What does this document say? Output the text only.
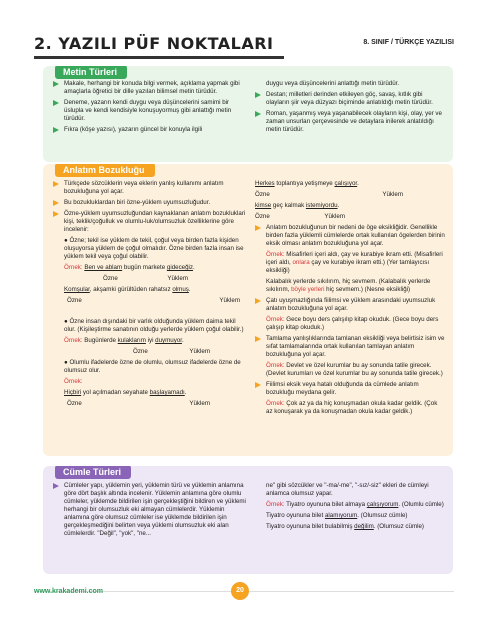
2. YAZILI PÜF NOKTALARI	8. SINIF / TÜRKÇE YAZILISI
Metin Türleri
Makale, herhangi bir konuda bilgi vermek, açıklama yapmak gibi amaçlarla öğretici bir dille yazılan bilimsel metin türüdür.
Deneme, yazarın kendi duygu veya düşüncelerini samimi bir üslupla ve kendi kendisiyle konuşuyormuş gibi anlattığı metin türüdür.
Fıkra (köşe yazısı), yazarın güncel bir konuyla ilgili
duygu veya düşüncelerini anlattığı metin türüdür.
Destan; milletleri derinden etkileyen göç, savaş, kıtlık gibi olayların şiir veya düzyazı biçiminde anlatıldığı metin türüdür.
Roman, yaşanmış veya yaşanabilecek olayların kişi, olay, yer ve zaman unsurları çerçevesinde ve detaylara inilerek anlatıldığı metin türüdür.
Anlatım Bozukluğu
Türkçede sözcüklerin veya eklerin yanlış kullanımı anlatım bozukluğuna yol açar.
Bu bozukluklardan biri özne-yüklem uyumsuzluğudur.
Özne-yüklem uyumsuzluğundan kaynaklanan anlatım bozukluklari kişi, teklik/çoğulluk ve olumlu-luk/olumsuzluk özelliklerine göre incelenir:
● Özne; tekil ise yüklem de tekil, çoğul veya birden fazla kişiden oluşuyorsa yüklem de çoğul olmalıdır. Özne birden fazla insan ise yüklem tekil veya çoğul olabilir.
Örnek: Ben ve ablam bugün markete gideceğiz.
Özne	Yüklem
Komşular, akşamki gürültüden rahatsız olmuş.
Özne	Yüklem
● Özne insan dışındaki bir varlık olduğunda yüklem daima tekil olur. (Kişileştirme sanatının olduğu yerlerde yüklem çoğul olabilir.)
Örnek: Bugünlerde kulaklarım iyi duymuyor.
Özne	Yüklem
● Olumlu ifadelerde özne de olumlu, olumsuz ifadelerde özne de olumsuz olur.
Örnek:
Hiçbiri yol açılmadan seyahate başlayamadı.
Özne	Yüklem
Herkes toplantıya yetişmeye çalışıyor.
Özne	Yüklem
kimse geç kalmak istemiyordu.
Özne	Yüklem
Anlatım bozukluğunun bir nedeni de öge eksikliğidir. Genellikle birden fazla yüklemli cümlelerde ortak kullanılan ögelerden birinin eksik olması anlatım bozukluğuna yol açar.
Örnek: Misafirleri içeri aldı, çay ve kurabiye ikram etti. (Misafirleri içeri aldı, onlara çay ve kurabiye ikram etti.) (Yer tamlayıcısı eksikliği)
Kalabalık yerlerde sıkılırım, hiç sevmem. (Kalabalık yerlerde sıkılırım, böyle yerleri hiç sevmem.) (Nesne eksikliği)
Çatı uyuşmazlığında fiilimsi ve yüklem arasındaki uyumsuzluk anlatım bozukluğuna yol açar.
Örnek: Gece boyu ders çalışılıp kitap okuduk. (Gece boyu ders çalışıp kitap okuduk.)
Tamlama yanlışlıklarında tamlanan eksikliği veya belirtisiz isim ve sıfat tamlamalarında ortak kullanılan tamlayan anlatım bozukluğuna yol açar.
Örnek: Devlet ve özel kurumlar bu ay sonunda tatile girecek. (Devlet kurumları ve özel kurumlar bu ay sonunda tatile girecek.)
Fiilimsi eksik veya hatalı olduğunda da cümlede anlatım bozukluğu meydana gelir.
Örnek: Çok az ya da hiç konuşmadan okula kadar geldik. (Çok az konuşarak ya da konuşmadan okula kadar geldik.)
Cümle Türleri
Cümleler yapı, yüklemin yeri, yüklemin türü ve yüklemin anlamına göre dört başlık altında incelenir. Yüklemin anlamına göre olumlu cümleler, yüklemde bildirilen işin gerçekleştiğini bildiren ve yüklemi herhangi bir olumsuzluk eki almayan cümlelerdir. Yüklemin anlamına göre olumsuz cümleler ise yüklemde bildirilen işin gerçekleşmediğini belirten veya yüklemi olumsuzluk eki alan cümlelerdir. "Değil", "yok", "ne...
ne" gibi sözcükler ve "-ma/-me", "-sız/-siz" ekleri de cümleyi anlamca olumsuz yapar.
Örnek: Tiyatro oyununa bilet almaya çalışıyorum. (Olumlu cümle)
Tiyatro oyununa bilet alamıyorum. (Olumsuz cümle)
Tiyatro oyununa bilet bulabilmiş değilim. (Olumsuz cümle)
www.krakademi.com	20
